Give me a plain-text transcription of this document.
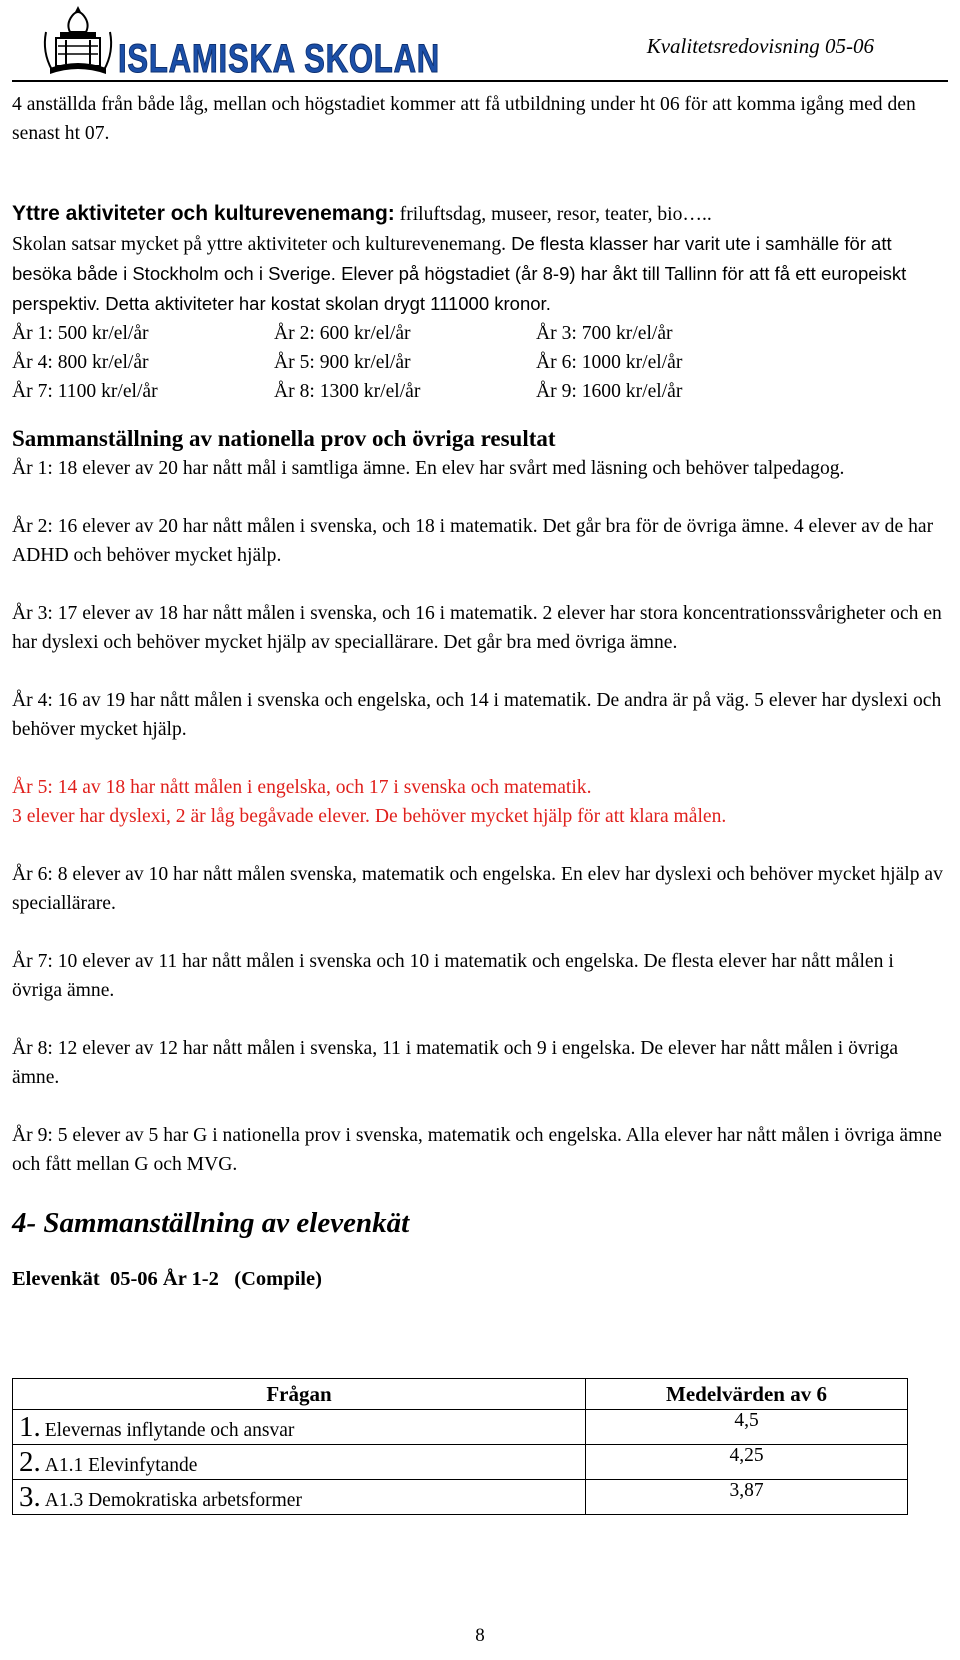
ISLAMISKA SKOLAN	Kvalitetsredovisning 05-06

4 anställda från både låg, mellan och högstadiet kommer att få utbildning under ht 06 för att komma igång med den senast ht 07.

Yttre aktiviteter och kulturevenemang: friluftsdag, museer, resor, teater, bio…..
Skolan satsar mycket på yttre aktiviteter och kulturevenemang. De flesta klasser har varit ute i samhälle för att besöka både i Stockholm och i Sverige. Elever på högstadiet (år 8-9) har åkt till Tallinn för att få ett europeiskt perspektiv. Detta aktiviteter har kostat skolan drygt 111000 kronor.

År 1: 500 kr/el/år	År 2: 600 kr/el/år	År 3: 700 kr/el/år
År 4: 800 kr/el/år	År 5: 900 kr/el/år	År 6: 1000 kr/el/år
År 7: 1100 kr/el/år	År 8: 1300 kr/el/år	År 9: 1600 kr/el/år
Sammanställning av nationella prov och övriga resultat

År 1: 18 elever av 20 har nått mål i samtliga ämne. En elev har svårt med läsning och behöver talpedagog.

År 2: 16 elever av 20 har nått målen i svenska, och 18 i matematik. Det går bra för de övriga ämne. 4 elever av de har ADHD och behöver mycket hjälp.

År 3: 17 elever av 18 har nått målen i svenska, och 16 i matematik. 2 elever har stora koncentrationssvårigheter och en har dyslexi och behöver mycket hjälp av speciallärare. Det går bra med övriga ämne.

År 4: 16 av 19 har nått målen i svenska och engelska, och 14 i matematik. De andra är på väg. 5 elever har dyslexi och behöver mycket hjälp.

År 5: 14 av 18 har nått målen i engelska, och 17 i svenska och matematik.
3 elever har dyslexi, 2 är låg begåvade elever. De behöver mycket hjälp för att klara målen.

År 6: 8 elever av 10 har nått målen svenska, matematik och engelska. En elev har dyslexi och behöver mycket hjälp av speciallärare.

År 7: 10 elever av 11 har nått målen i svenska och 10 i matematik och engelska. De flesta elever har nått målen i övriga ämne.

År 8: 12 elever av 12 har nått målen i svenska, 11 i matematik och 9 i engelska. De elever har nått målen i övriga ämne.

År 9: 5 elever av 5 har G i nationella prov i svenska, matematik och engelska. Alla elever har nått målen i övriga ämne och fått mellan G och MVG.

4- Sammanställning av elevenkät
Elevenkät  05-06 År 1-2   (Compile)
Frågan	Medelvärden av 6
1. Elevernas inflytande och ansvar	4,5
2. A1.1 Elevinfytande	4,25
3. A1.3 Demokratiska arbetsformer	3,87
8
